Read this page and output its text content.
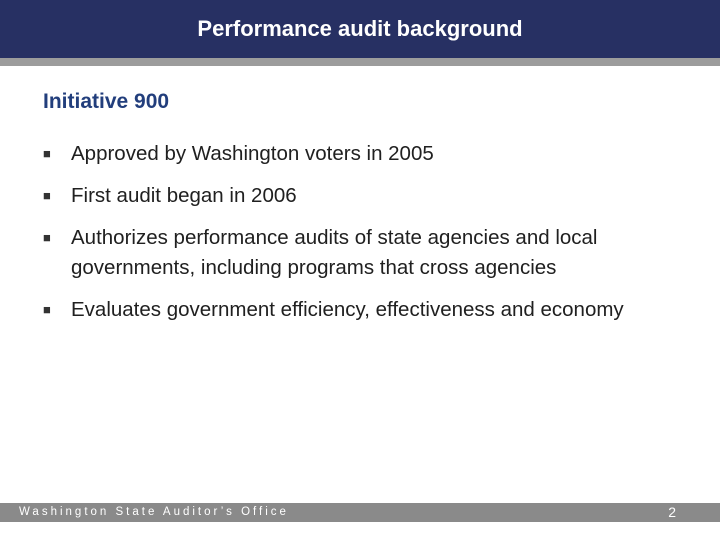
Performance audit background
Initiative 900
■ Approved by Washington voters in 2005
■ First audit began in 2006
■ Authorizes performance audits of state agencies and local governments, including programs that cross agencies
■ Evaluates government efficiency, effectiveness and economy
Washington State Auditor’s Office	2
